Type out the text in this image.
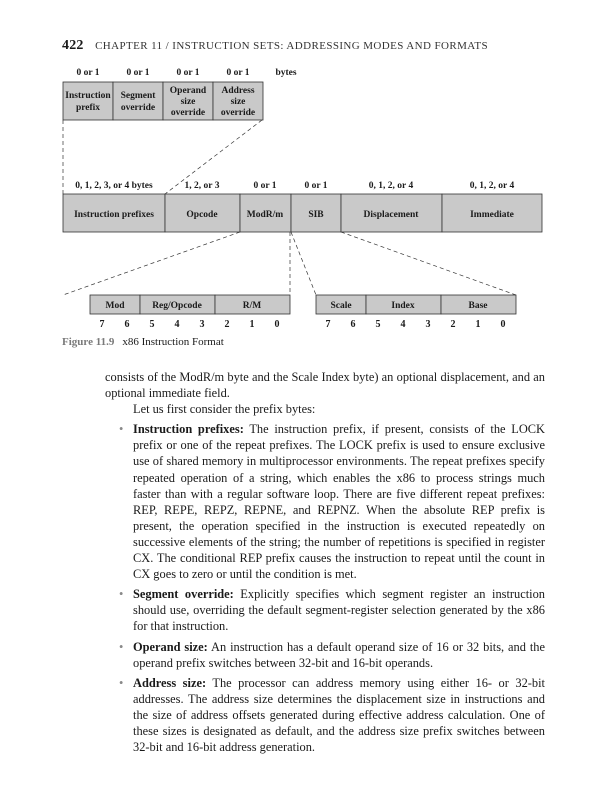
422 CHAPTER 11 / INSTRUCTION SETS: ADDRESSING MODES AND FORMATS
0 or 1	0 or 1	0 or 1	0 or 1	bytes
Instruction
prefix
Segment
override
Operand
size
override
Address
size
override
0, 1, 2, 3, or 4 bytes	1, 2, or 3	0 or 1	0 or 1	0, 1, 2, or 4	0, 1, 2, or 4
Instruction prefixes	Opcode	ModR/m	SIB	Displacement	Immediate
Mod	Reg/Opcode	R/M	Scale	Index	Base
7 6 5 4 3 2 1 0	7 6 5 4 3 2 1 0
Figure 11.9 x86 Instruction Format

consists of the ModR/m byte and the Scale Index byte) an optional displacement, and an optional immediate field.

Let us first consider the prefix bytes:

• Instruction prefixes: The instruction prefix, if present, consists of the LOCK prefix or one of the repeat prefixes. The LOCK prefix is used to ensure exclusive use of shared memory in multiprocessor environments. The repeat prefixes specify repeated operation of a string, which enables the x86 to process strings much faster than with a regular software loop. There are five different repeat prefixes: REP, REPE, REPZ, REPNE, and REPNZ. When the absolute REP prefix is present, the operation specified in the instruction is executed repeatedly on successive elements of the string; the number of repetitions is specified in register CX. The conditional REP prefix causes the instruction to repeat until the count in CX goes to zero or until the condition is met.
• Segment override: Explicitly specifies which segment register an instruction should use, overriding the default segment-register selection generated by the x86 for that instruction.
• Operand size: An instruction has a default operand size of 16 or 32 bits, and the operand prefix switches between 32-bit and 16-bit operands.
• Address size: The processor can address memory using either 16- or 32-bit addresses. The address size determines the displacement size in instructions and the size of address offsets generated during effective address calculation. One of these sizes is designated as default, and the address size prefix switches between 32-bit and 16-bit address generation.
